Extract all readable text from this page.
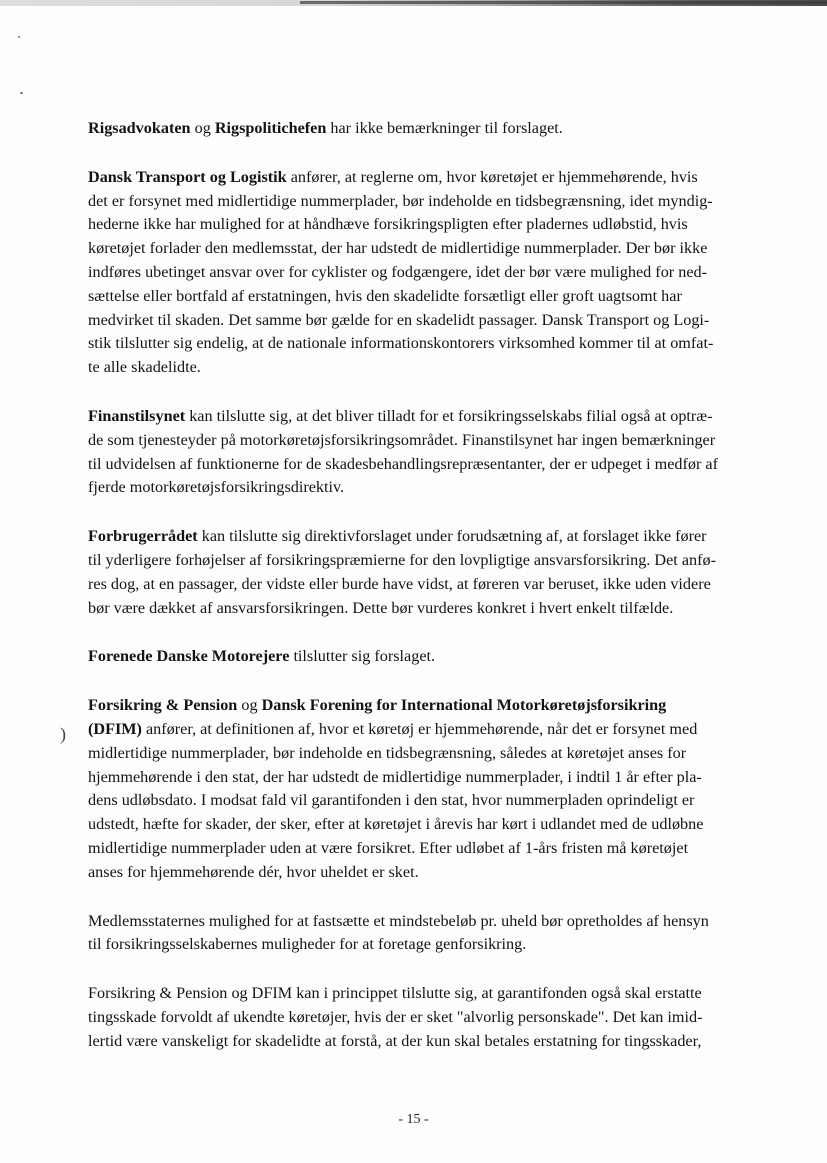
)
Rigsadvokaten og Rigspolitichefen har ikke bemærkninger til forslaget.
Dansk Transport og Logistik anfører, at reglerne om, hvor køretøjet er hjemmehørende, hvis
det er forsynet med midlertidige nummerplader, bør indeholde en tidsbegrænsning, idet myndig-
hederne ikke har mulighed for at håndhæve forsikringspligten efter pladernes udløbstid, hvis
køretøjet forlader den medlemsstat, der har udstedt de midlertidige nummerplader. Der bør ikke
indføres ubetinget ansvar over for cyklister og fodgængere, idet der bør være mulighed for ned-
sættelse eller bortfald af erstatningen, hvis den skadelidte forsætligt eller groft uagtsomt har
medvirket til skaden. Det samme bør gælde for en skadelidt passager. Dansk Transport og Logi-
stik tilslutter sig endelig, at de nationale informationskontorers virksomhed kommer til at omfat-
te alle skadelidte.
Finanstilsynet kan tilslutte sig, at det bliver tilladt for et forsikringsselskabs filial også at optræ-
de som tjenesteyder på motorkøretøjsforsikringsområdet. Finanstilsynet har ingen bemærkninger
til udvidelsen af funktionerne for de skadesbehandlingsrepræsentanter, der er udpeget i medfør af
fjerde motorkøretøjsforsikringsdirektiv.
Forbrugerrådet kan tilslutte sig direktivforslaget under forudsætning af, at forslaget ikke fører
til yderligere forhøjelser af forsikringspræmierne for den lovpligtige ansvarsforsikring. Det anfø-
res dog, at en passager, der vidste eller burde have vidst, at føreren var beruset, ikke uden videre
bør være dækket af ansvarsforsikringen. Dette bør vurderes konkret i hvert enkelt tilfælde.
Forenede Danske Motorejere tilslutter sig forslaget.
Forsikring & Pension og Dansk Forening for International Motorkøretøjsforsikring
(DFIM) anfører, at definitionen af, hvor et køretøj er hjemmehørende, når det er forsynet med
midlertidige nummerplader, bør indeholde en tidsbegrænsning, således at køretøjet anses for
hjemmehørende i den stat, der har udstedt de midlertidige nummerplader, i indtil 1 år efter pla-
dens udløbsdato. I modsat fald vil garantifonden i den stat, hvor nummerpladen oprindeligt er
udstedt, hæfte for skader, der sker, efter at køretøjet i årevis har kørt i udlandet med de udløbne
midlertidige nummerplader uden at være forsikret. Efter udløbet af 1-års fristen må køretøjet
anses for hjemmehørende dér, hvor uheldet er sket.
Medlemsstaternes mulighed for at fastsætte et mindstebeløb pr. uheld bør opretholdes af hensyn
til forsikringsselskabernes muligheder for at foretage genforsikring.
Forsikring & Pension og DFIM kan i princippet tilslutte sig, at garantifonden også skal erstatte
tingsskade forvoldt af ukendte køretøjer, hvis der er sket "alvorlig personskade". Det kan imid-
lertid være vanskeligt for skadelidte at forstå, at der kun skal betales erstatning for tingsskader,
- 15 -
